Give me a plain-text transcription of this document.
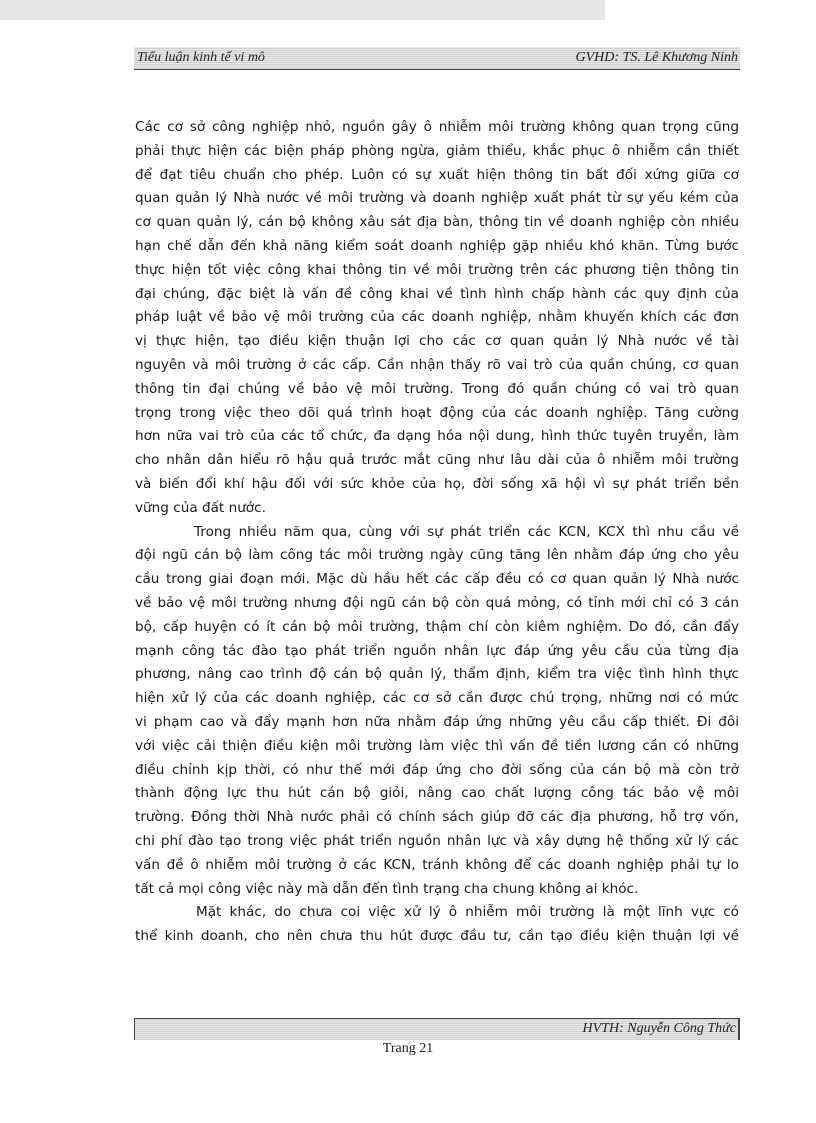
Tiểu luận kinh tế vi mô	GVHD: TS. Lê Khương Ninh
Các cơ sở công nghiệp nhỏ, nguồn gây ô nhiễm môi trường không quan trọng cũng
phải thực hiện các biện pháp phòng ngừa, giảm thiểu, khắc phục ô nhiễm cần thiết
để đạt tiêu chuẩn cho phép. Luôn có sự xuất hiện thông tin bất đối xứng giữa cơ
quan quản lý Nhà nước về môi trường và doanh nghiệp xuất phát từ sự yếu kém của
cơ quan quản lý, cán bộ không xâu sát địa bàn, thông tin về doanh nghiệp còn nhiều
hạn chế dẫn đến khả năng kiểm soát doanh nghiệp gặp nhiều khó khăn. Từng bước
thực hiện tốt việc công khai thông tin về môi trường trên các phương tiện thông tin
đại chúng, đặc biệt là vấn đề công khai về tình hình chấp hành các quy định của
pháp luật về bảo vệ môi trường của các doanh nghiệp, nhằm khuyến khích các đơn
vị thực hiện, tạo điều kiện thuận lợi cho các cơ quan quản lý Nhà nước về tài
nguyên và môi trường ở các cấp. Cần nhận thấy rõ vai trò của quần chúng, cơ quan
thông tin đại chúng về bảo vệ môi trường. Trong đó quần chúng có vai trò quan
trọng trong việc theo dõi quá trình hoạt động của các doanh nghiệp. Tăng cường
hơn nữa vai trò của các tổ chức, đa dạng hóa nội dung, hình thức tuyên truyền, làm
cho nhân dân hiểu rõ hậu quả trước mắt cũng như lâu dài của ô nhiễm môi trường
và biến đổi khí hậu đối với sức khỏe của họ, đời sống xã hội vì sự phát triển bền
vững của đất nước.
Trong nhiều năm qua, cùng với sự phát triển các KCN, KCX thì nhu cầu về
đội ngũ cán bộ làm công tác môi trường ngày cũng tăng lên nhằm đáp ứng cho yêu
cầu trong giai đoạn mới. Mặc dù hầu hết các cấp đều có cơ quan quản lý Nhà nước
về bảo vệ môi trường nhưng đội ngũ cán bộ còn quá mỏng, có tỉnh mới chỉ có 3 cán
bộ, cấp huyện có ít cán bộ môi trường, thậm chí còn kiêm nghiệm. Do đó, cần đẩy
mạnh công tác đào tạo phát triển nguồn nhân lực đáp ứng yêu cầu của từng địa
phương, nâng cao trình độ cán bộ quản lý, thẩm định, kiểm tra việc tình hình thực
hiện xử lý của các doanh nghiệp, các cơ sở cần được chú trọng, những nơi có mức
vi phạm cao và đẩy mạnh hơn nữa nhằm đáp ứng những yêu cầu cấp thiết. Đi đôi
với việc cải thiện điều kiện môi trường làm việc thì vấn đề tiền lương cần có những
điều chỉnh kịp thời, có như thế mới đáp ứng cho đời sống của cán bộ mà còn trở
thành động lực thu hút cán bộ giỏi, nâng cao chất lượng công tác bảo vệ môi
trường. Đồng thời Nhà nước phải có chính sách giúp đỡ các địa phương, hỗ trợ vốn,
chi phí đào tạo trong việc phát triển nguồn nhân lực và xây dựng hệ thống xử lý các
vấn đề ô nhiễm môi trường ở các KCN, tránh không để các doanh nghiệp phải tự lo
tất cả mọi công việc này mà dẫn đến tình trạng cha chung không ai khóc.
Mặt khác, do chưa coi việc xử lý ô nhiễm môi trường là một lĩnh vực có
thể kinh doanh, cho nên chưa thu hút được đầu tư, cần tạo điều kiện thuận lợi về
HVTH: Nguyễn Công Thức
Trang 21
